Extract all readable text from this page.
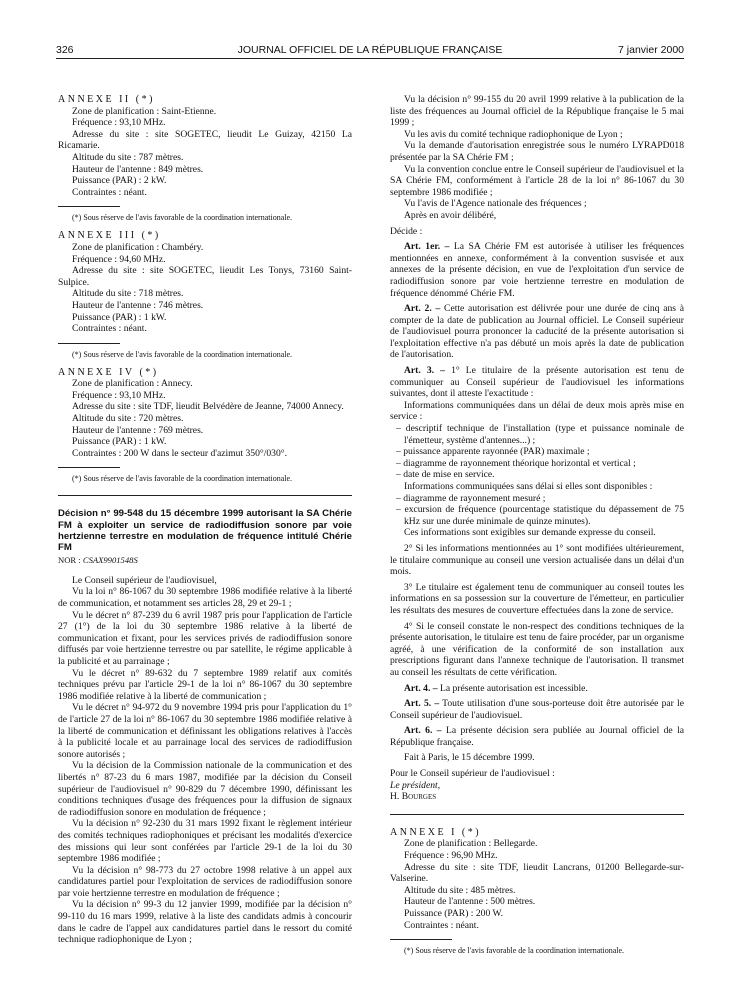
326	JOURNAL OFFICIEL DE LA RÉPUBLIQUE FRANÇAISE	7 janvier 2000

ANNEXE II (*)

Zone de planification : Saint-Etienne.

Fréquence : 93,10 MHz.

Adresse du site : site SOGETEC, lieudit Le Guizay, 42150 La Ricamarie.

Altitude du site : 787 mètres.

Hauteur de l'antenne : 849 mètres.

Puissance (PAR) : 2 kW.

Contraintes : néant.

(*) Sous réserve de l'avis favorable de la coordination internationale.

ANNEXE III (*)

Zone de planification : Chambéry.

Fréquence : 94,60 MHz.

Adresse du site : site SOGETEC, lieudit Les Tonys, 73160 Saint-Sulpice.

Altitude du site : 718 mètres.

Hauteur de l'antenne : 746 mètres.

Puissance (PAR) : 1 kW.

Contraintes : néant.

(*) Sous réserve de l'avis favorable de la coordination internationale.

ANNEXE IV (*)

Zone de planification : Annecy.

Fréquence : 93,10 MHz.

Adresse du site : site TDF, lieudit Belvédère de Jeanne, 74000 Annecy.

Altitude du site : 720 mètres.

Hauteur de l'antenne : 769 mètres.

Puissance (PAR) : 1 kW.

Contraintes : 200 W dans le secteur d'azimut 350°/030°.

(*) Sous réserve de l'avis favorable de la coordination internationale.

Décision n° 99-548 du 15 décembre 1999 autorisant la SA Chérie FM à exploiter un service de radiodiffusion sonore par voie hertzienne terrestre en modulation de fréquence intitulé Chérie FM

NOR : CSAX9901548S

Le Conseil supérieur de l'audiovisuel,

Vu la loi n° 86-1067 du 30 septembre 1986 modifiée relative à la liberté de communication, et notamment ses articles 28, 29 et 29-1 ;

Vu le décret n° 87-239 du 6 avril 1987 pris pour l'application de l'article 27 (1°) de la loi du 30 septembre 1986 relative à la liberté de communication et fixant, pour les services privés de radiodiffusion sonore diffusés par voie hertzienne terrestre ou par satellite, le régime applicable à la publicité et au parrainage ;

Vu le décret n° 89-632 du 7 septembre 1989 relatif aux comités techniques prévu par l'article 29-1 de la loi n° 86-1067 du 30 septembre 1986 modifiée relative à la liberté de communication ;

Vu le décret n° 94-972 du 9 novembre 1994 pris pour l'application du 1° de l'article 27 de la loi n° 86-1067 du 30 septembre 1986 modifiée relative à la liberté de communication et définissant les obligations relatives à l'accès à la publicité locale et au parrainage local des services de radiodiffusion sonore autorisés ;

Vu la décision de la Commission nationale de la communication et des libertés n° 87-23 du 6 mars 1987, modifiée par la décision du Conseil supérieur de l'audiovisuel n° 90-829 du 7 décembre 1990, définissant les conditions techniques d'usage des fréquences pour la diffusion de signaux de radiodiffusion sonore en modulation de fréquence ;

Vu la décision n° 92-230 du 31 mars 1992 fixant le règlement intérieur des comités techniques radiophoniques et précisant les modalités d'exercice des missions qui leur sont conférées par l'article 29-1 de la loi du 30 septembre 1986 modifiée ;

Vu la décision n° 98-773 du 27 octobre 1998 relative à un appel aux candidatures partiel pour l'exploitation de services de radiodiffusion sonore par voie hertzienne terrestre en modulation de fréquence ;

Vu la décision n° 99-3 du 12 janvier 1999, modifiée par la décision n° 99-110 du 16 mars 1999, relative à la liste des candidats admis à concourir dans le cadre de l'appel aux candidatures partiel dans le ressort du comité technique radiophonique de Lyon ;

Vu la décision n° 99-155 du 20 avril 1999 relative à la publication de la liste des fréquences au Journal officiel de la République française le 5 mai 1999 ;

Vu les avis du comité technique radiophonique de Lyon ;

Vu la demande d'autorisation enregistrée sous le numéro LYRAPD018 présentée par la SA Chérie FM ;

Vu la convention conclue entre le Conseil supérieur de l'audiovisuel et la SA Chérie FM, conformément à l'article 28 de la loi n° 86-1067 du 30 septembre 1986 modifiée ;

Vu l'avis de l'Agence nationale des fréquences ;

Après en avoir délibéré,

Décide :

Art. 1er. – La SA Chérie FM est autorisée à utiliser les fréquences mentionnées en annexe, conformément à la convention susvisée et aux annexes de la présente décision, en vue de l'exploitation d'un service de radiodiffusion sonore par voie hertzienne terrestre en modulation de fréquence dénommé Chérie FM.

Art. 2. – Cette autorisation est délivrée pour une durée de cinq ans à compter de la date de publication au Journal officiel. Le Conseil supérieur de l'audiovisuel pourra prononcer la caducité de la présente autorisation si l'exploitation effective n'a pas débuté un mois après la date de publication de l'autorisation.

Art. 3. – 1° Le titulaire de la présente autorisation est tenu de communiquer au Conseil supérieur de l'audiovisuel les informations suivantes, dont il atteste l'exactitude :

Informations communiquées dans un délai de deux mois après mise en service :

– descriptif technique de l'installation (type et puissance nominale de l'émetteur, système d'antennes...) ;
– puissance apparente rayonnée (PAR) maximale ;
– diagramme de rayonnement théorique horizontal et vertical ;
– date de mise en service.

Informations communiquées sans délai si elles sont disponibles :

– diagramme de rayonnement mesuré ;
– excursion de fréquence (pourcentage statistique du dépassement de 75 kHz sur une durée minimale de quinze minutes).

Ces informations sont exigibles sur demande expresse du conseil.

2° Si les informations mentionnées au 1° sont modifiées ultérieurement, le titulaire communique au conseil une version actualisée dans un délai d'un mois.

3° Le titulaire est également tenu de communiquer au conseil toutes les informations en sa possession sur la couverture de l'émetteur, en particulier les résultats des mesures de couverture effectuées dans la zone de service.

4° Si le conseil constate le non-respect des conditions techniques de la présente autorisation, le titulaire est tenu de faire procéder, par un organisme agréé, à une vérification de la conformité de son installation aux prescriptions figurant dans l'annexe technique de l'autorisation. Il transmet au conseil les résultats de cette vérification.

Art. 4. – La présente autorisation est incessible.

Art. 5. – Toute utilisation d'une sous-porteuse doit être autorisée par le Conseil supérieur de l'audiovisuel.

Art. 6. – La présente décision sera publiée au Journal officiel de la République française.

Fait à Paris, le 15 décembre 1999.

Pour le Conseil supérieur de l'audiovisuel :

Le président,

H. Bourges

ANNEXE I (*)

Zone de planification : Bellegarde.

Fréquence : 96,90 MHz.

Adresse du site : site TDF, lieudit Lancrans, 01200 Bellegarde-sur-Valserine.

Altitude du site : 485 mètres.

Hauteur de l'antenne : 500 mètres.

Puissance (PAR) : 200 W.

Contraintes : néant.

(*) Sous réserve de l'avis favorable de la coordination internationale.
